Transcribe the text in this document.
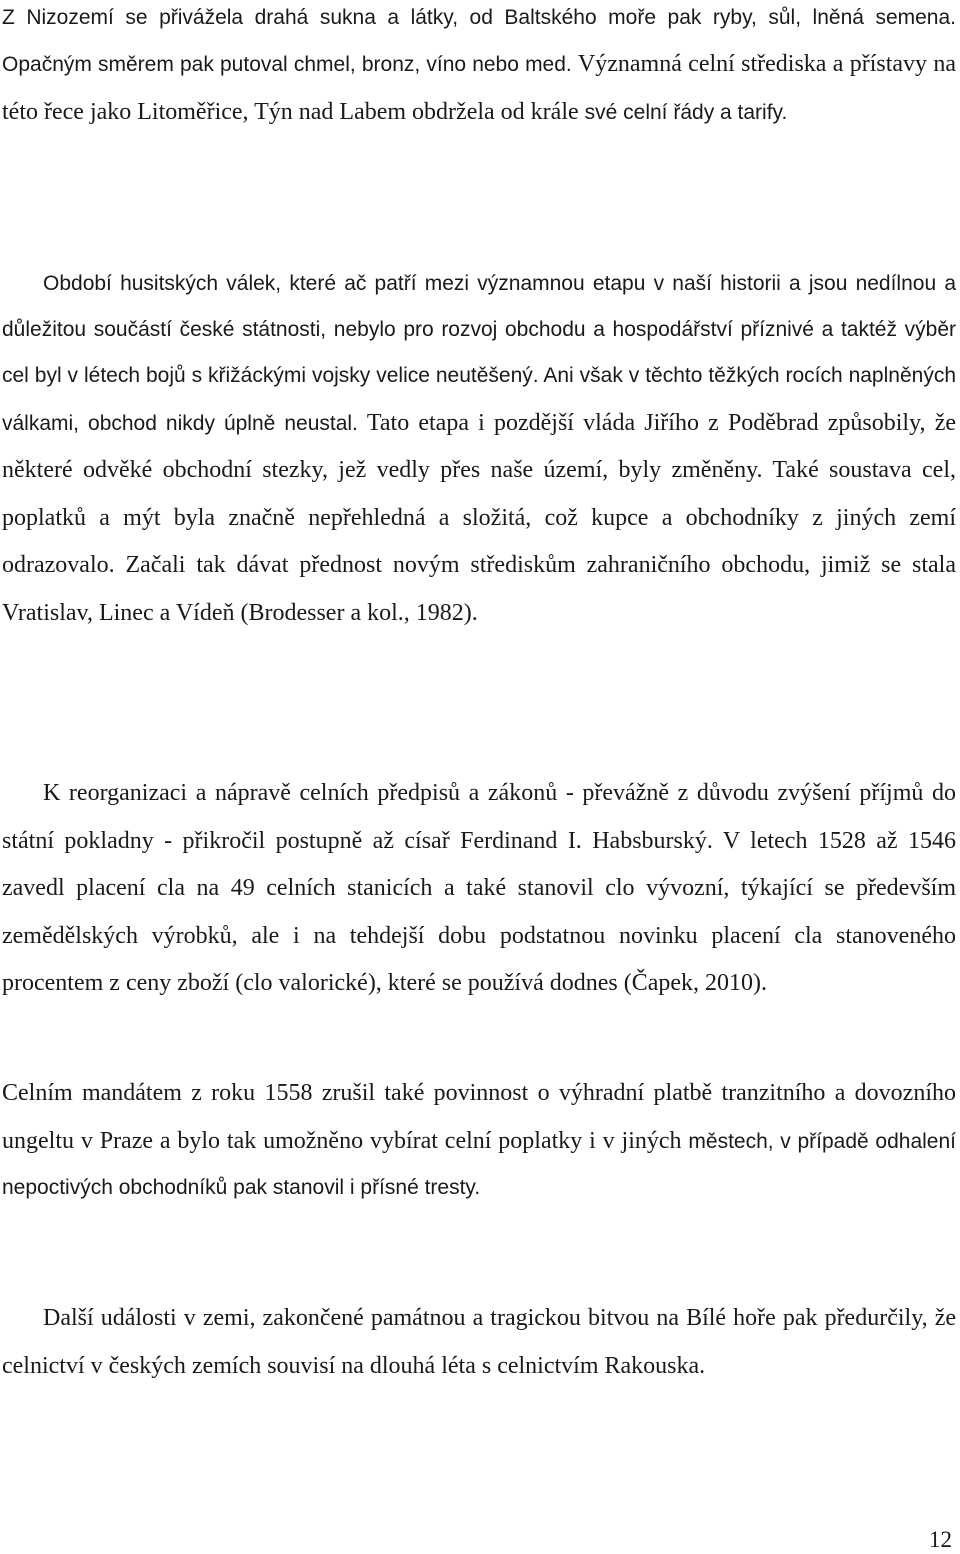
Z Nizozemí se přivážela drahá sukna a látky, od Baltského moře pak ryby, sůl, lněná semena. Opačným směrem pak putoval chmel, bronz, víno nebo med. Významná celní střediska a přístavy na této řece jako Litoměřice, Týn nad Labem obdržela od krále své celní řády a tarify.

Období husitských válek, které ač patří mezi významnou etapu v naší historii a jsou nedílnou a důležitou součástí české státnosti, nebylo pro rozvoj obchodu a hospodářství příznivé a taktéž výběr cel byl v létech bojů s křižáckými vojsky velice neutěšený. Ani však v těchto těžkých rocích naplněných válkami, obchod nikdy úplně neustal. Tato etapa i pozdější vláda Jiřího z Poděbrad způsobily, že některé odvěké obchodní stezky, jež vedly přes naše území, byly změněny. Také soustava cel, poplatků a mýt byla značně nepřehledná a složitá, což kupce a obchodníky z jiných zemí odrazovalo. Začali tak dávat přednost novým střediskům zahraničního obchodu, jimiž se stala Vratislav, Linec a Vídeň (Brodesser a kol., 1982).

K reorganizaci a nápravě celních předpisů a zákonů - převážně z důvodu zvýšení příjmů do státní pokladny - přikročil postupně až císař Ferdinand I. Habsburský. V letech 1528 až 1546 zavedl placení cla na 49 celních stanicích a také stanovil clo vývozní, týkající se především zemědělských výrobků, ale i na tehdejší dobu podstatnou novinku placení cla stanoveného procentem z ceny zboží (clo valorické), které se používá dodnes (Čapek, 2010).

Celním mandátem z roku 1558 zrušil také povinnost o výhradní platbě tranzitního a dovozního ungeltu v Praze a bylo tak umožněno vybírat celní poplatky i v jiných městech, v případě odhalení nepoctivých obchodníků pak stanovil i přísné tresty.

Další události v zemi, zakončené památnou a tragickou bitvou na Bílé hoře pak předurčily, že celnictví v českých zemích souvisí na dlouhá léta s celnictvím Rakouska.

12
